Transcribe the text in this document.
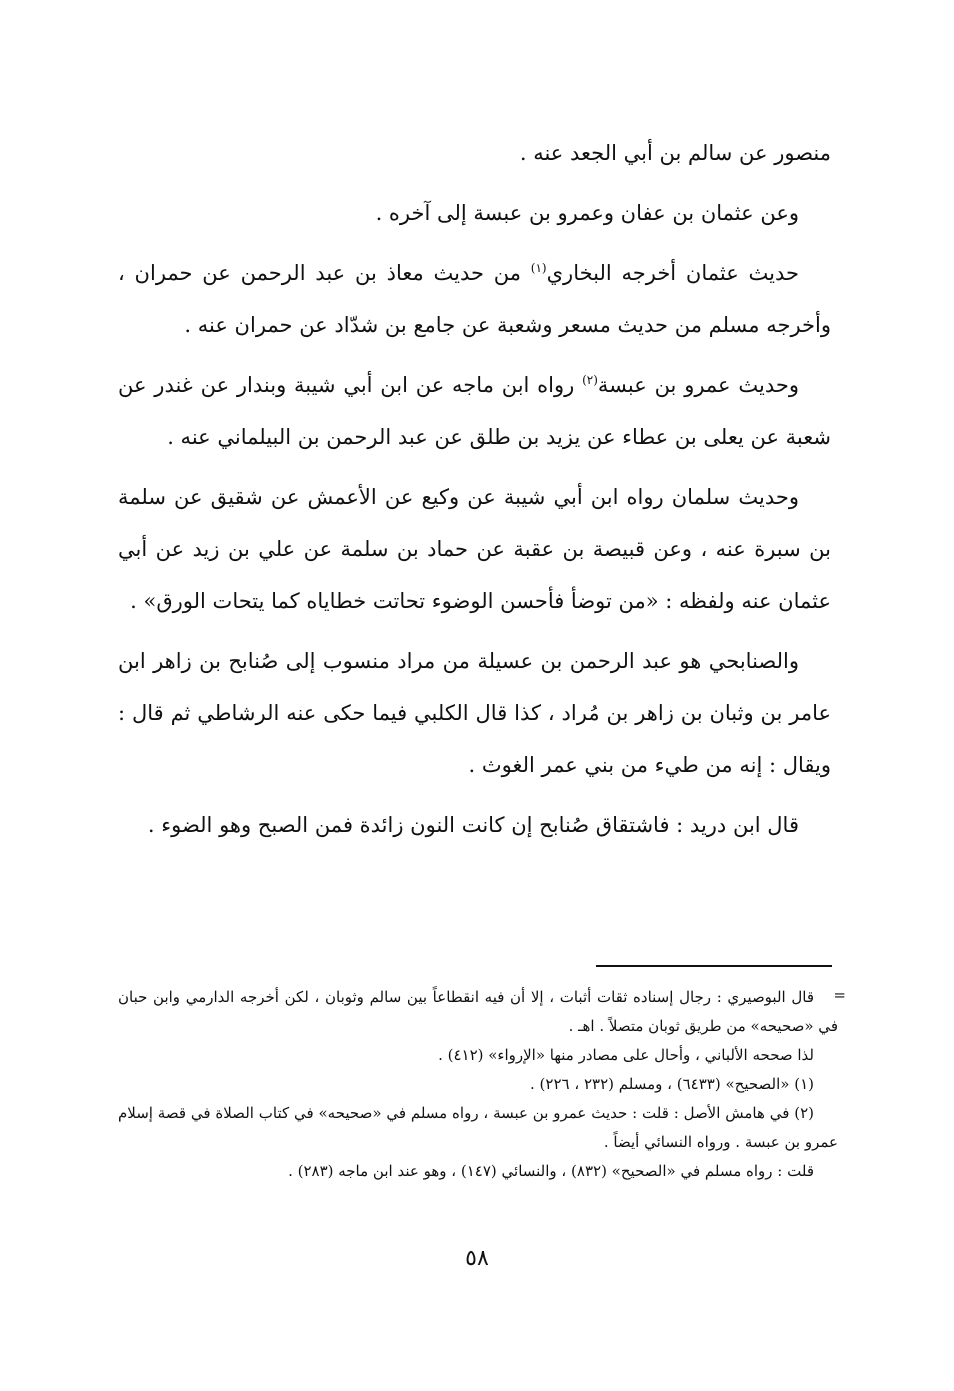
منصور عن سالم بن أبي الجعد عنه .

وعن عثمان بن عفان وعمرو بن عبسة إلى آخره .

حديث عثمان أخرجه البخاري$^{(١)}$ من حديث معاذ بن عبد الرحمن عن حمران ، وأخرجه مسلم من حديث مسعر وشعبة عن جامع بن شدّاد عن حمران عنه .

وحديث عمرو بن عبسة$^{(٢)}$ رواه ابن ماجه عن ابن أبي شيبة وبندار عن غندر عن شعبة عن يعلى بن عطاء عن يزيد بن طلق عن عبد الرحمن بن البيلماني عنه .

وحديث سلمان رواه ابن أبي شيبة عن وكيع عن الأعمش عن شقيق عن سلمة بن سبرة عنه ، وعن قبيصة بن عقبة عن حماد بن سلمة عن علي بن زيد عن أبي عثمان عنه ولفظه : «من توضأ فأحسن الوضوء تحاتت خطاياه كما يتحات الورق» .

والصنابحي هو عبد الرحمن بن عسيلة من مراد منسوب إلى صُنابح بن زاهر ابن عامر بن وثبان بن زاهر بن مُراد ، كذا قال الكلبي فيما حكى عنه الرشاطي ثم قال : ويقال : إنه من طيء من بني عمر الغوث .

قال ابن دريد : فاشتقاق صُنابح إن كانت النون زائدة فمن الصبح وهو الضوء .

=

قال البوصيري : رجال إسناده ثقات أثبات ، إلا أن فيه انقطاعاً بين سالم وثوبان ، لكن أخرجه الدارمي وابن حبان في «صحيحه» من طريق ثوبان متصلاً . اهـ .

لذا صححه الألباني ، وأحال على مصادر منها «الإرواء» (٤١٢) .

(١) «الصحيح» (٦٤٣٣) ، ومسلم (٢٣٢ ، ٢٢٦) .

(٢) في هامش الأصل : قلت : حديث عمرو بن عبسة ، رواه مسلم في «صحيحه» في كتاب الصلاة في قصة إسلام عمرو بن عبسة . ورواه النسائي أيضاً .

قلت : رواه مسلم في «الصحيح» (٨٣٢) ، والنسائي (١٤٧) ، وهو عند ابن ماجه (٢٨٣) .

٥٨
